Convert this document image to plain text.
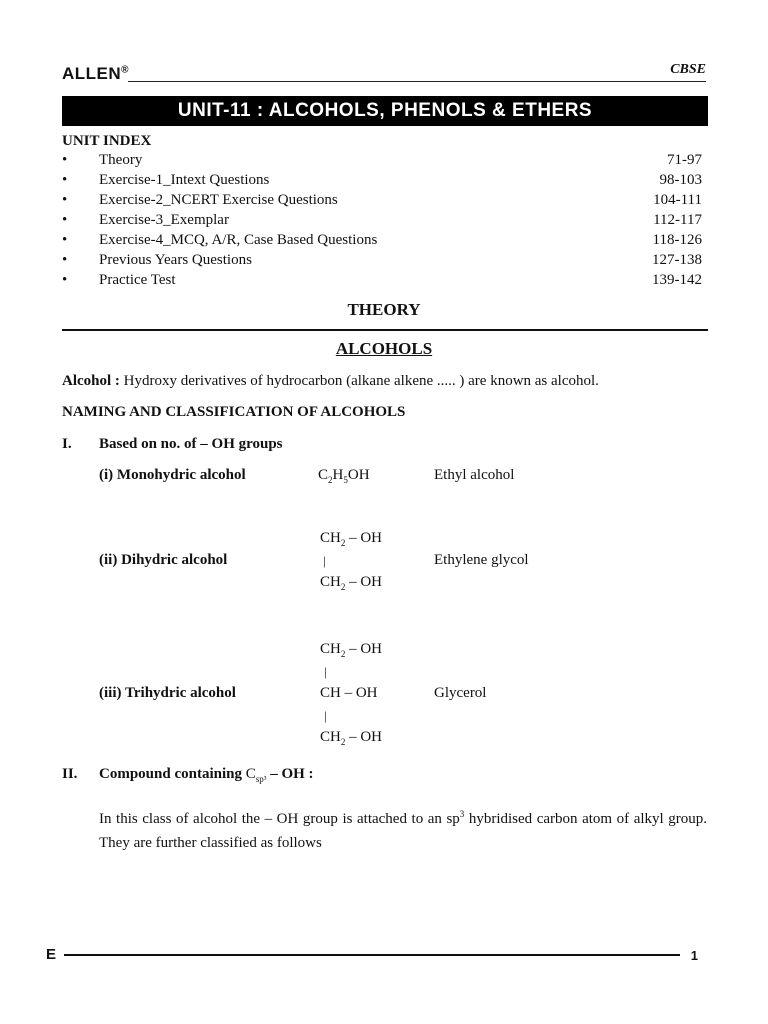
ALLEN®	CBSE
UNIT-11 : ALCOHOLS, PHENOLS & ETHERS
UNIT INDEX
• Theory	71-97
• Exercise-1_Intext Questions	98-103
• Exercise-2_NCERT Exercise Questions	104-111
• Exercise-3_Exemplar	112-117
• Exercise-4_MCQ, A/R, Case Based Questions	118-126
• Previous Years Questions	127-138
• Practice Test	139-142
THEORY
ALCOHOLS
Alcohol : Hydroxy derivatives of hydrocarbon (alkane alkene ..... ) are known as alcohol.
NAMING AND CLASSIFICATION OF ALCOHOLS
I. Based on no. of – OH groups
(i) Monohydric alcohol	$C_2H_5OH$	Ethyl alcohol
$CH_2$ – OH
|
(ii) Dihydric alcohol	Ethylene glycol
$CH_2$ – OH
$CH_2$ – OH
|
(iii) Trihydric alcohol	CH – OH	Glycerol
|
$CH_2$ – OH
II. Compound containing $C_{sp^3}$ – OH :
In this class of alcohol the – OH group is attached to an $sp^3$ hybridised carbon atom of alkyl group. They are further classified as follows
E	1
